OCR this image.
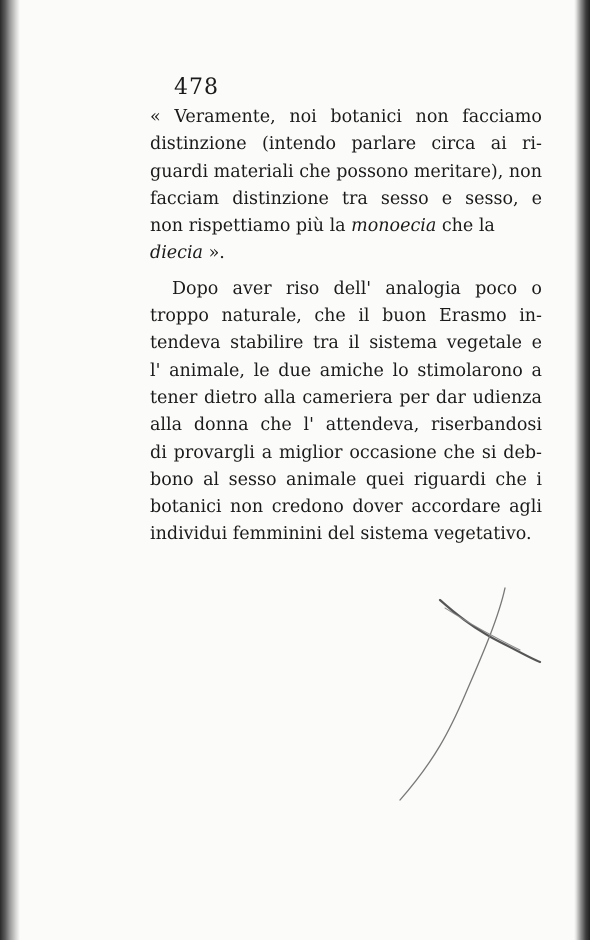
478
« Veramente, noi botanici non facciamo
distinzione (intendo parlare circa ai ri-
guardi materiali che possono meritare), non
facciam distinzione tra sesso e sesso, e
non rispettiamo più la monoecia che la
diecia ».
Dopo aver riso dell' analogia poco o
troppo naturale, che il buon Erasmo in-
tendeva stabilire tra il sistema vegetale e
l' animale, le due amiche lo stimolarono a
tener dietro alla cameriera per dar udienza
alla donna che l' attendeva, riserbandosi
di provargli a miglior occasione che si deb-
bono al sesso animale quei riguardi che i
botanici non credono dover accordare agli
individui femminini del sistema vegetativo.
